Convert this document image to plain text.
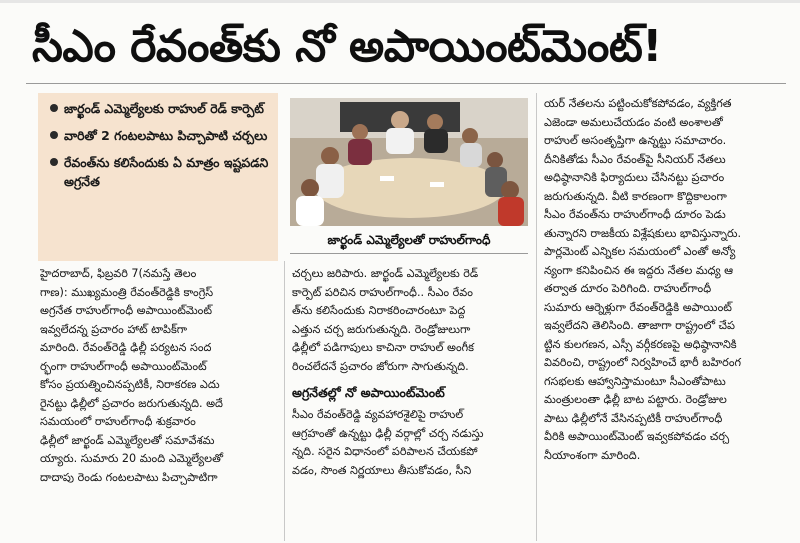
సీఎం రేవంత్‌కు నో అపాయింట్‌మెంట్!
జార్ఖండ్ ఎమ్మెల్యేలకు రాహుల్ రెడ్ కార్పెట్
వారితో 2 గంటలపాటు పిచ్చాపాటి చర్చలు
రేవంత్‌ను కలిసేందుకు ఏ మాత్రం ఇష్టపడని అగ్రనేత
జార్ఖండ్ ఎమ్మెల్యేలతో రాహుల్‌గాంధీ
హైదరాబాద్, ఫిబ్రవరి 7(నమస్తే తెలం
గాణ): ముఖ్యమంత్రి రేవంత్‌రెడ్డికి కాంగ్రెస్
అగ్రనేత రాహుల్‌గాంధీ అపాయింట్‌మెంట్
ఇవ్వలేదన్న ప్రచారం హాట్ టాపిక్‌గా
మారింది. రేవంత్‌రెడ్డి ఢిల్లీ పర్యటన సంద
ర్భంగా రాహుల్‌గాంధీ అపాయింట్‌మెంట్
కోసం ప్రయత్నించినప్పటికీ, నిరాకరణ ఎదు
రైనట్టు ఢిల్లీలో ప్రచారం జరుగుతున్నది. అదే
సమయంలో రాహుల్‌గాంధీ శుక్రవారం
ఢిల్లీలో జార్ఖండ్ ఎమ్మెల్యేలతో సమావేశమ
య్యారు. సుమారు 20 మంది ఎమ్మెల్యేలతో
దాదాపు రెండు గంటలపాటు పిచ్చాపాటిగా
చర్చలు జరిపారు. జార్ఖండ్ ఎమ్మెల్యేలకు రెడ్
కార్పెట్ పరిచిన రాహుల్‌గాంధీ.. సీఎం రేవం
త్‌ను కలిసేందుకు నిరాకరించారంటూ పెద్ద
ఎత్తున చర్చ జరుగుతున్నది. రెండ్రోజులుగా
ఢిల్లీలో పడిగాపులు కాచినా రాహుల్ అంగీక
రించలేదనే ప్రచారం జోరుగా సాగుతున్నది.
అగ్రనేతల్లో నో అపాయింట్‌మెంట్
సీఎం రేవంత్‌రెడ్డి వ్యవహారశైలిపై రాహుల్
ఆగ్రహంతో ఉన్నట్టు ఢిల్లీ వర్గాల్లో చర్చ నడుస్తు
న్నది. సరైన విధానంలో పరిపాలన చేయకపో
వడం, సొంత నిర్ణయాలు తీసుకోవడం, సీని
యర్ నేతలను పట్టించుకోకపోవడం, వ్యక్తిగత
ఎజెండా అమలుచేయడం వంటి అంశాలతో
రాహుల్ అసంతృప్తిగా ఉన్నట్టు సమాచారం.
దీనికితోడు సీఎం రేవంత్‌పై సీనియర్ నేతలు
అధిష్ఠానానికి ఫిర్యాదులు చేసినట్టు ప్రచారం
జరుగుతున్నది. వీటి కారణంగా కొద్దికాలంగా
సీఎం రేవంత్‌ను రాహుల్‌గాంధీ దూరం పెడు
తున్నారని రాజకీయ విశ్లేషకులు భావిస్తున్నారు.
పార్లమెంట్ ఎన్నికల సమయంలో ఎంతో అన్యో
న్యంగా కనిపించిన ఈ ఇద్దరు నేతల మధ్య ఆ
తర్వాత దూరం పెరిగింది. రాహుల్‌గాంధీ
సుమారు ఆర్నెళ్లుగా రేవంత్‌రెడ్డికి అపాయింట్
ఇవ్వలేదని తెలిసింది. తాజాగా రాష్ట్రంలో చేప
ట్టిన కులగణన, ఎస్సీ వర్గీకరణపై అధిష్ఠానానికి
వివరించి, రాష్ట్రంలో నిర్వహించే భారీ బహిరంగ
గసభలకు ఆహ్వానిస్తామంటూ సీఎంతోపాటు
మంత్రులంతా ఢిల్లీ బాట పట్టారు. రెండ్రోజుల
పాటు ఢిల్లీలోనే వేసినప్పటికీ రాహుల్‌గాంధీ
వీరికి అపాయింట్‌మెంట్ ఇవ్వకపోవడం చర్చ
నీయాంశంగా మారింది.
